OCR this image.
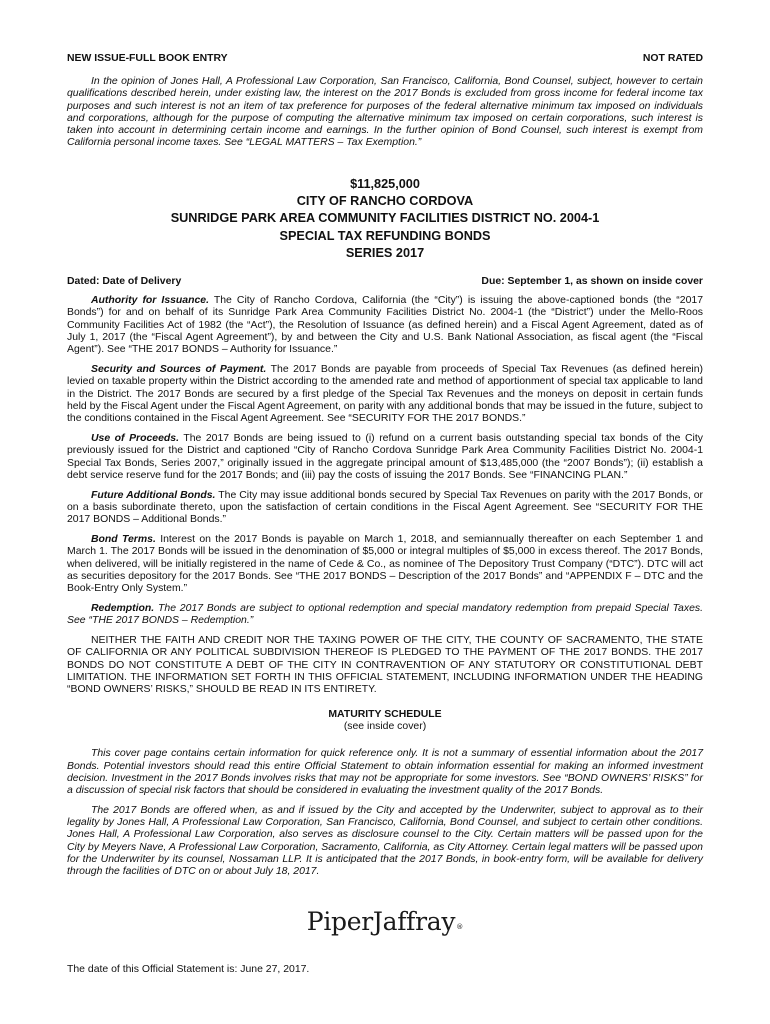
NEW ISSUE-FULL BOOK ENTRY	NOT RATED
In the opinion of Jones Hall, A Professional Law Corporation, San Francisco, California, Bond Counsel, subject, however to certain qualifications described herein, under existing law, the interest on the 2017 Bonds is excluded from gross income for federal income tax purposes and such interest is not an item of tax preference for purposes of the federal alternative minimum tax imposed on individuals and corporations, although for the purpose of computing the alternative minimum tax imposed on certain corporations, such interest is taken into account in determining certain income and earnings. In the further opinion of Bond Counsel, such interest is exempt from California personal income taxes. See “LEGAL MATTERS – Tax Exemption.”
$11,825,000
CITY OF RANCHO CORDOVA
SUNRIDGE PARK AREA COMMUNITY FACILITIES DISTRICT NO. 2004-1
SPECIAL TAX REFUNDING BONDS
SERIES 2017
Dated: Date of Delivery	Due: September 1, as shown on inside cover

Authority for Issuance. The City of Rancho Cordova, California (the “City”) is issuing the above-captioned bonds (the “2017 Bonds”) for and on behalf of its Sunridge Park Area Community Facilities District No. 2004-1 (the “District”) under the Mello-Roos Community Facilities Act of 1982 (the “Act”), the Resolution of Issuance (as defined herein) and a Fiscal Agent Agreement, dated as of July 1, 2017 (the “Fiscal Agent Agreement”), by and between the City and U.S. Bank National Association, as fiscal agent (the “Fiscal Agent”). See “THE 2017 BONDS – Authority for Issuance.”

Security and Sources of Payment. The 2017 Bonds are payable from proceeds of Special Tax Revenues (as defined herein) levied on taxable property within the District according to the amended rate and method of apportionment of special tax applicable to land in the District. The 2017 Bonds are secured by a first pledge of the Special Tax Revenues and the moneys on deposit in certain funds held by the Fiscal Agent under the Fiscal Agent Agreement, on parity with any additional bonds that may be issued in the future, subject to the conditions contained in the Fiscal Agent Agreement. See “SECURITY FOR THE 2017 BONDS.”

Use of Proceeds. The 2017 Bonds are being issued to (i) refund on a current basis outstanding special tax bonds of the City previously issued for the District and captioned “City of Rancho Cordova Sunridge Park Area Community Facilities District No. 2004-1 Special Tax Bonds, Series 2007,” originally issued in the aggregate principal amount of $13,485,000 (the “2007 Bonds”); (ii) establish a debt service reserve fund for the 2017 Bonds; and (iii) pay the costs of issuing the 2017 Bonds. See “FINANCING PLAN.”

Future Additional Bonds. The City may issue additional bonds secured by Special Tax Revenues on parity with the 2017 Bonds, or on a basis subordinate thereto, upon the satisfaction of certain conditions in the Fiscal Agent Agreement. See “SECURITY FOR THE 2017 BONDS – Additional Bonds.”

Bond Terms. Interest on the 2017 Bonds is payable on March 1, 2018, and semiannually thereafter on each September 1 and March 1. The 2017 Bonds will be issued in the denomination of $5,000 or integral multiples of $5,000 in excess thereof. The 2017 Bonds, when delivered, will be initially registered in the name of Cede & Co., as nominee of The Depository Trust Company (“DTC”). DTC will act as securities depository for the 2017 Bonds. See “THE 2017 BONDS – Description of the 2017 Bonds” and “APPENDIX F – DTC and the Book-Entry Only System.”

Redemption. The 2017 Bonds are subject to optional redemption and special mandatory redemption from prepaid Special Taxes. See “THE 2017 BONDS – Redemption.”

NEITHER THE FAITH AND CREDIT NOR THE TAXING POWER OF THE CITY, THE COUNTY OF SACRAMENTO, THE STATE OF CALIFORNIA OR ANY POLITICAL SUBDIVISION THEREOF IS PLEDGED TO THE PAYMENT OF THE 2017 BONDS. THE 2017 BONDS DO NOT CONSTITUTE A DEBT OF THE CITY IN CONTRAVENTION OF ANY STATUTORY OR CONSTITUTIONAL DEBT LIMITATION. THE INFORMATION SET FORTH IN THIS OFFICIAL STATEMENT, INCLUDING INFORMATION UNDER THE HEADING “BOND OWNERS’ RISKS,” SHOULD BE READ IN ITS ENTIRETY.

MATURITY SCHEDULE
(see inside cover)

This cover page contains certain information for quick reference only. It is not a summary of essential information about the 2017 Bonds. Potential investors should read this entire Official Statement to obtain information essential for making an informed investment decision. Investment in the 2017 Bonds involves risks that may not be appropriate for some investors. See “BOND OWNERS’ RISKS” for a discussion of special risk factors that should be considered in evaluating the investment quality of the 2017 Bonds.

The 2017 Bonds are offered when, as and if issued by the City and accepted by the Underwriter, subject to approval as to their legality by Jones Hall, A Professional Law Corporation, San Francisco, California, Bond Counsel, and subject to certain other conditions. Jones Hall, A Professional Law Corporation, also serves as disclosure counsel to the City. Certain matters will be passed upon for the City by Meyers Nave, A Professional Law Corporation, Sacramento, California, as City Attorney. Certain legal matters will be passed upon for the Underwriter by its counsel, Nossaman LLP. It is anticipated that the 2017 Bonds, in book-entry form, will be available for delivery through the facilities of DTC on or about July 18, 2017.

PiperJaffray®
The date of this Official Statement is: June 27, 2017.
